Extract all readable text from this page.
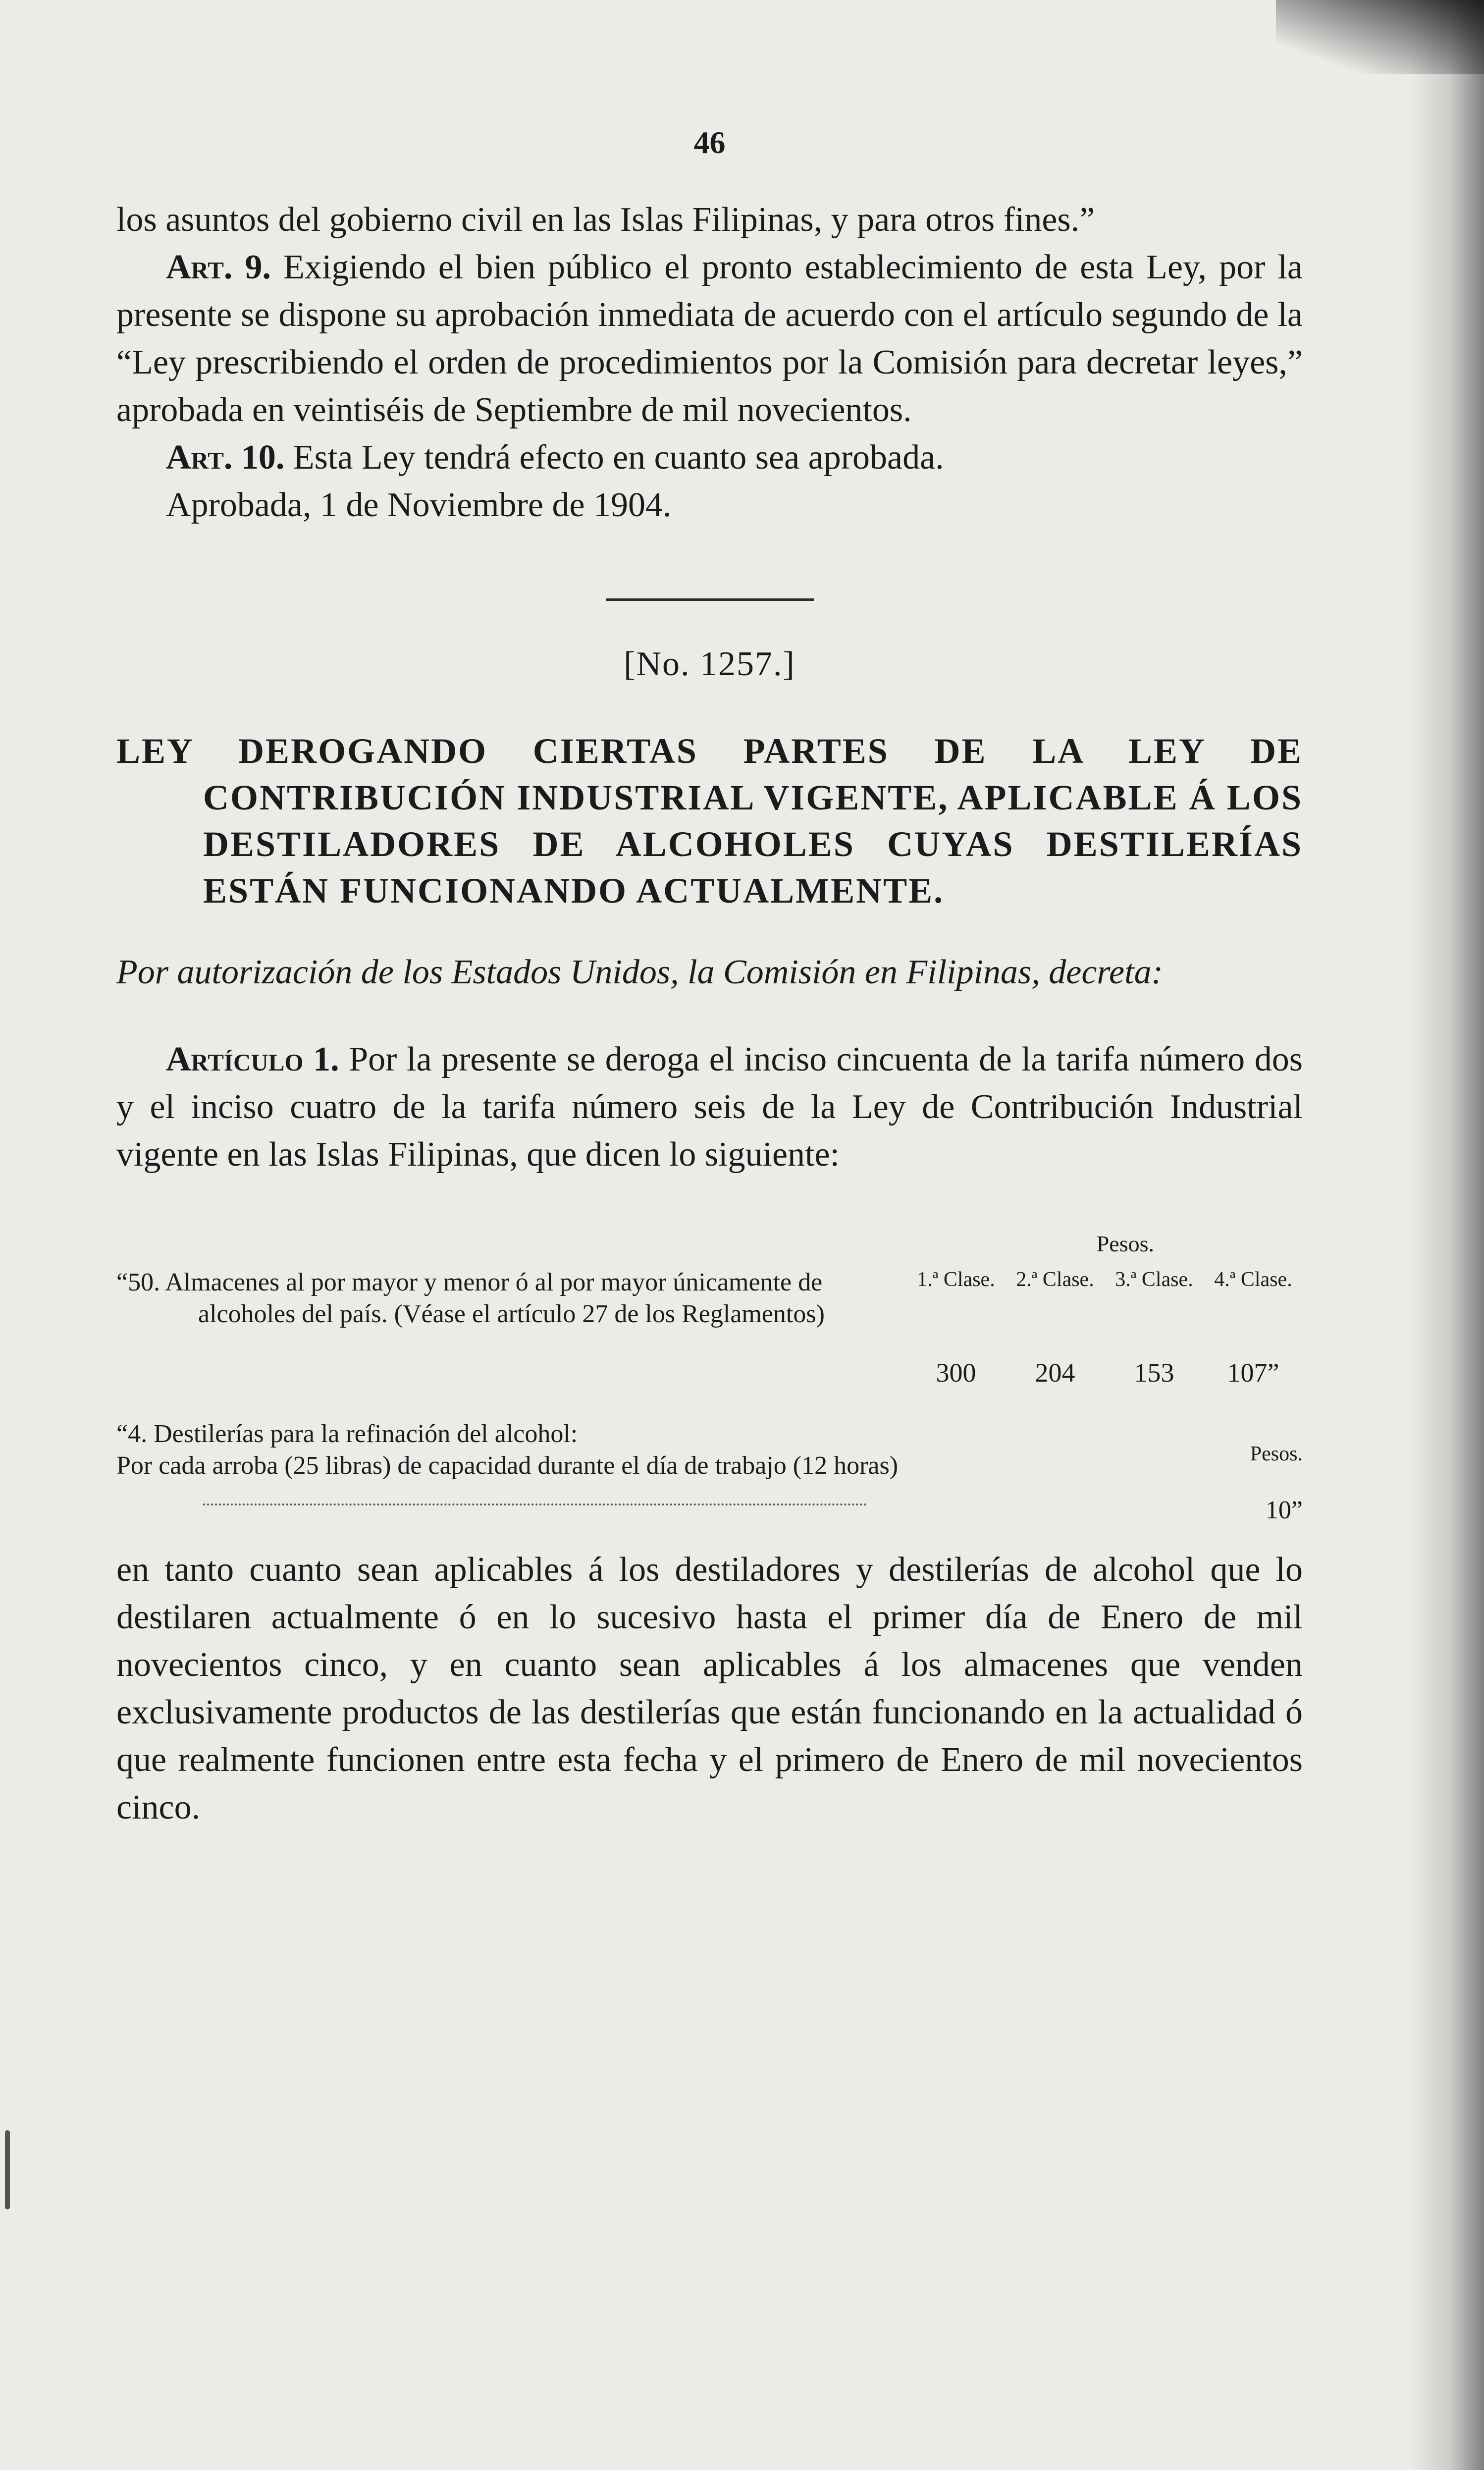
46

los asuntos del gobierno civil en las Islas Filipinas, y para otros fines.”

Art. 9. Exigiendo el bien público el pronto establecimiento de esta Ley, por la presente se dispone su aprobación inmediata de acuerdo con el artículo segundo de la “Ley prescribiendo el orden de procedimientos por la Comisión para decretar leyes,” aprobada en veintiséis de Septiembre de mil novecientos.

Art. 10. Esta Ley tendrá efecto en cuanto sea aprobada.

Aprobada, 1 de Noviembre de 1904.

[No. 1257.]
LEY DEROGANDO CIERTAS PARTES DE LA LEY DE CONTRIBUCIÓN INDUSTRIAL VIGENTE, APLICABLE Á LOS DESTILADORES DE ALCOHOLES CUYAS DESTILERÍAS ESTÁN FUNCIONANDO ACTUALMENTE.

Por autorización de los Estados Unidos, la Comisión en Filipinas, decreta:

Artículo 1. Por la presente se deroga el inciso cincuenta de la tarifa número dos y el inciso cuatro de la tarifa número seis de la Ley de Contribución Industrial vigente en las Islas Filipinas, que dicen lo siguiente:

Pesos.
“50. Almacenes al por mayor y menor ó al por mayor únicamente de alcoholes del país. (Véase el artículo 27 de los Reglamentos)
1.ª Clase.
300
2.ª Clase.
204
3.ª Clase.
153
4.ª Clase.
107”
“4. Destilerías para la refinación del alcohol:
Por cada arroba (25 libras) de capacidad durante el día de trabajo (12 horas)	Pesos.
10”

en tanto cuanto sean aplicables á los destiladores y destilerías de alcohol que lo destilaren actualmente ó en lo sucesivo hasta el primer día de Enero de mil novecientos cinco, y en cuanto sean aplicables á los almacenes que venden exclusivamente productos de las destilerías que están funcionando en la actualidad ó que realmente funcionen entre esta fecha y el primero de Enero de mil novecientos cinco.
